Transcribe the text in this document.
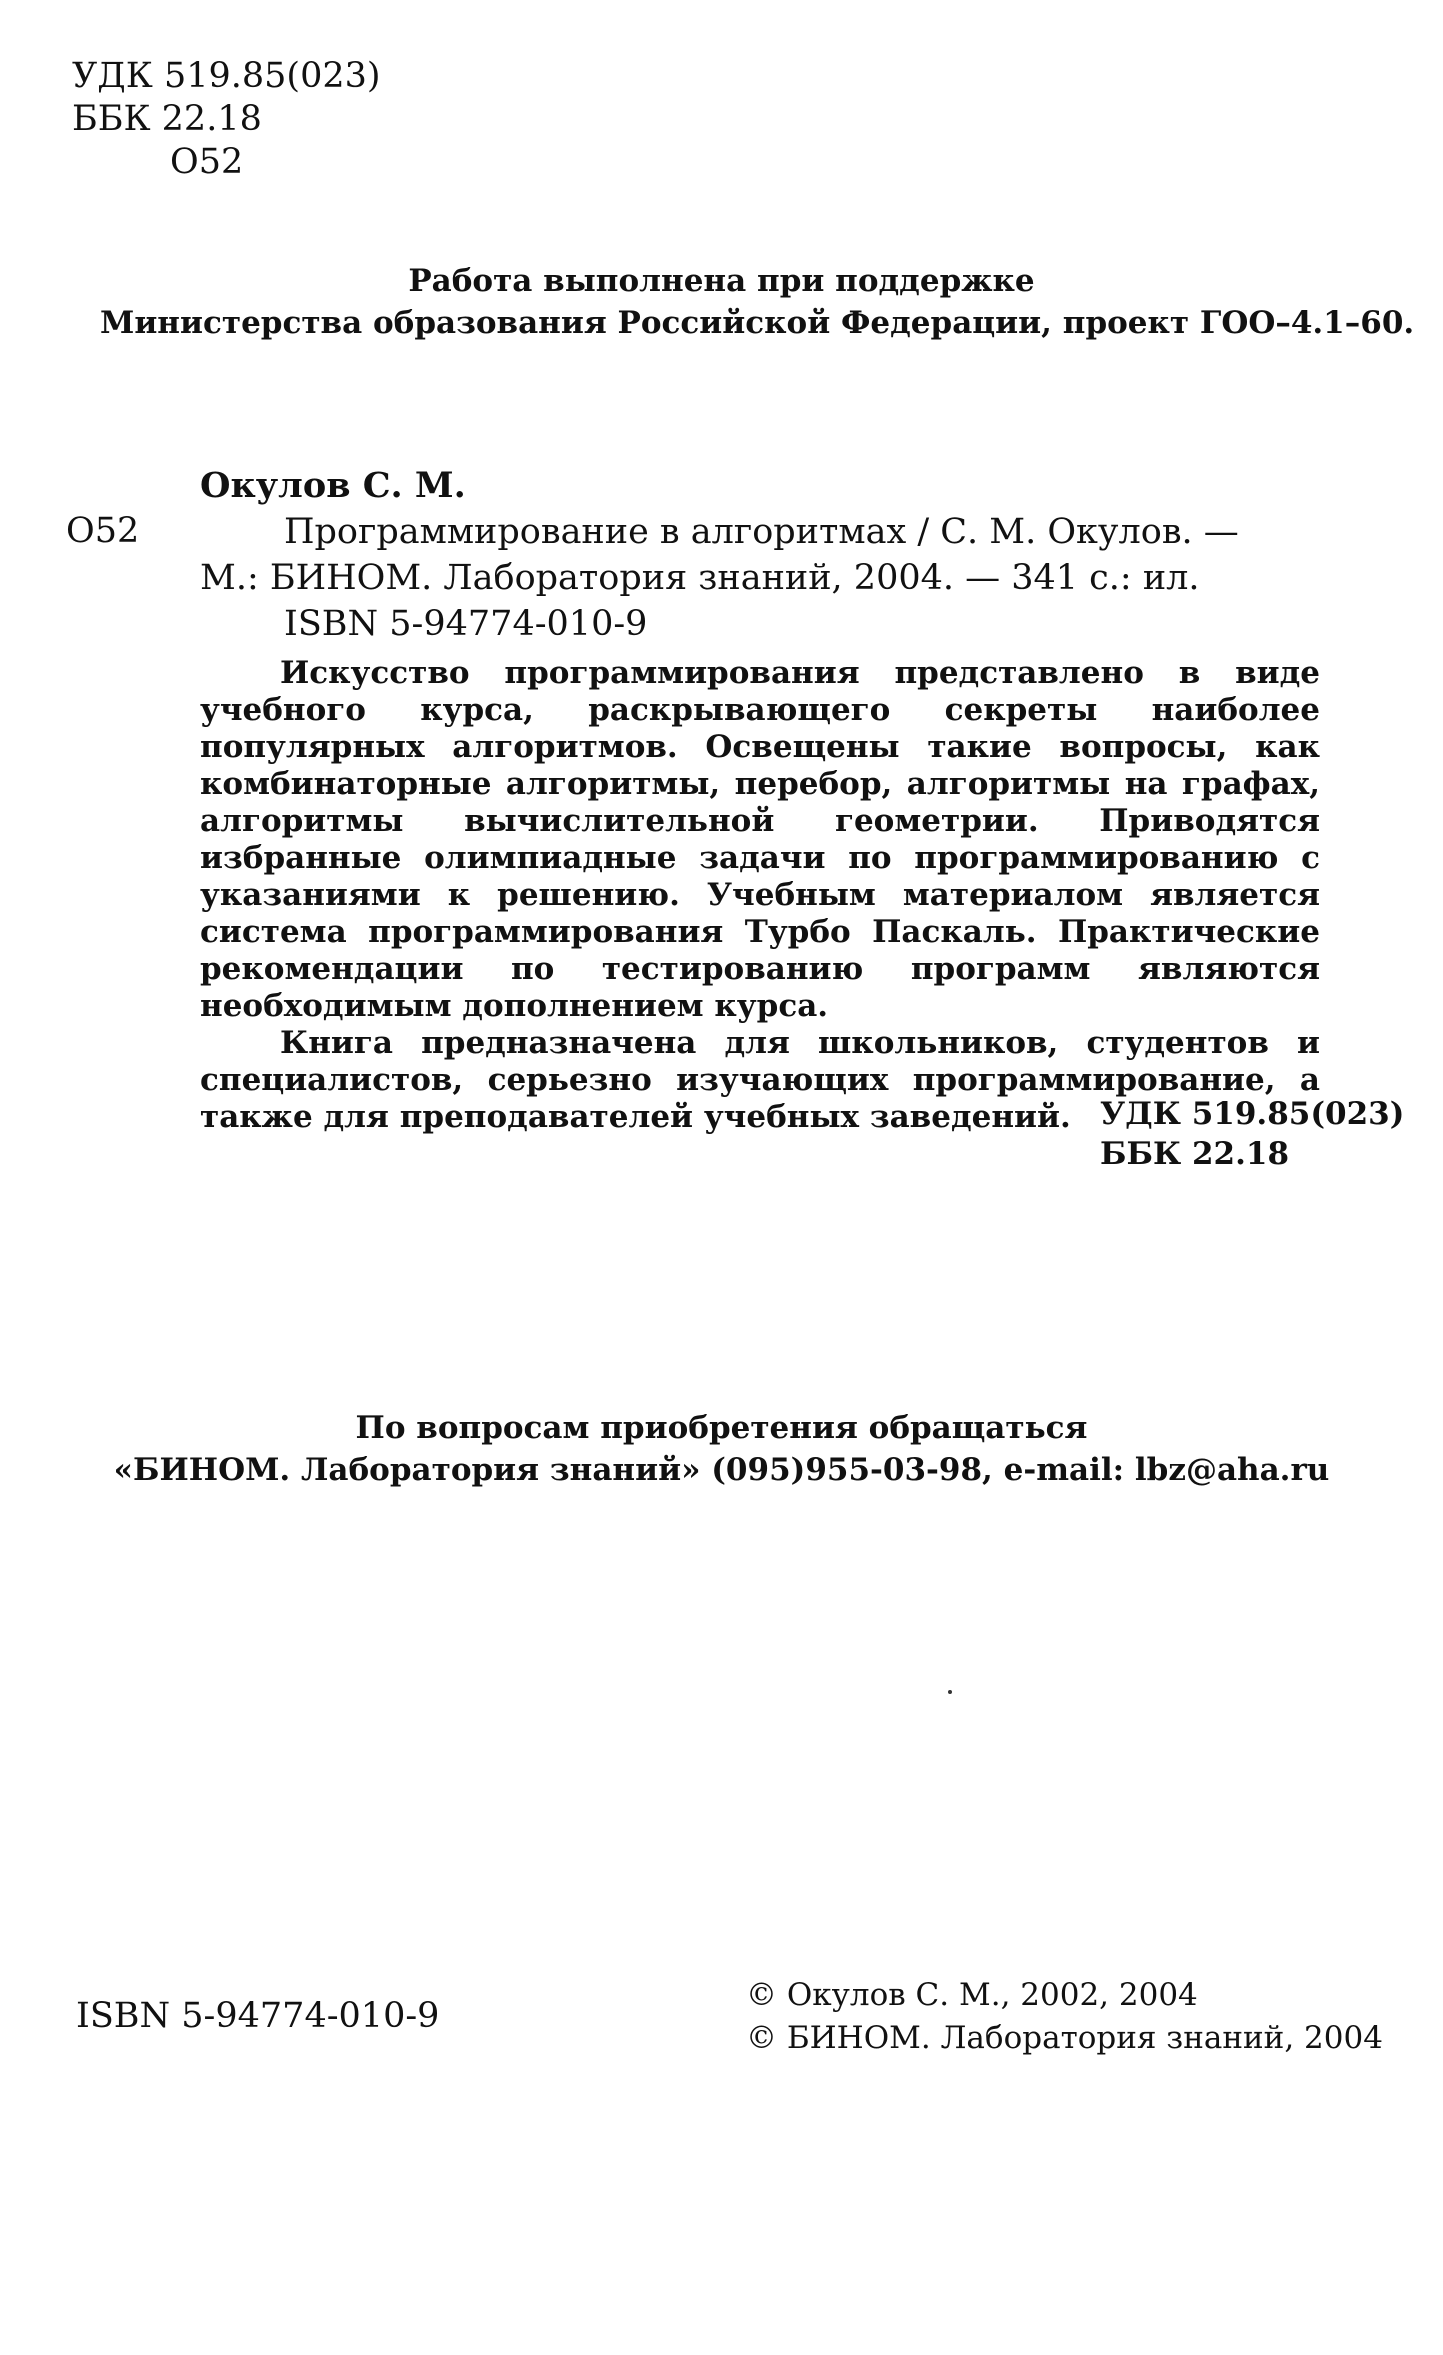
УДК 519.85(023)
ББК 22.18
О52
Работа выполнена при поддержке
Министерства образования Российской Федерации, проект ГОО–4.1–60.
О52
Окулов С. М.
Программирование в алгоритмах / С. М. Окулов. —
М.: БИНОМ. Лаборатория знаний, 2004. — 341 с.: ил.
ISBN 5-94774-010-9

Искусство программирования представлено в виде учебного курса, раскрывающего секреты наиболее популярных алгоритмов. Освещены такие вопросы, как комбинаторные алгоритмы, перебор, алгоритмы на графах, алгоритмы вычислительной геометрии. Приводятся избранные олимпиадные задачи по программированию с указаниями к решению. Учебным материалом является система программирования Турбо Паскаль. Практические рекомендации по тестированию программ являются необходимым дополнением курса.

Книга предназначена для школьников, студентов и специалистов, серьезно изучающих программирование, а также для преподавателей учебных заведений. УДК 519.85(023)
ББК 22.18
По вопросам приобретения обращаться
«БИНОМ. Лаборатория знаний» (095)955-03-98, e-mail: lbz@aha.ru
ISBN 5-94774-010-9
© Окулов С. М., 2002, 2004
© БИНОМ. Лаборатория знаний, 2004
